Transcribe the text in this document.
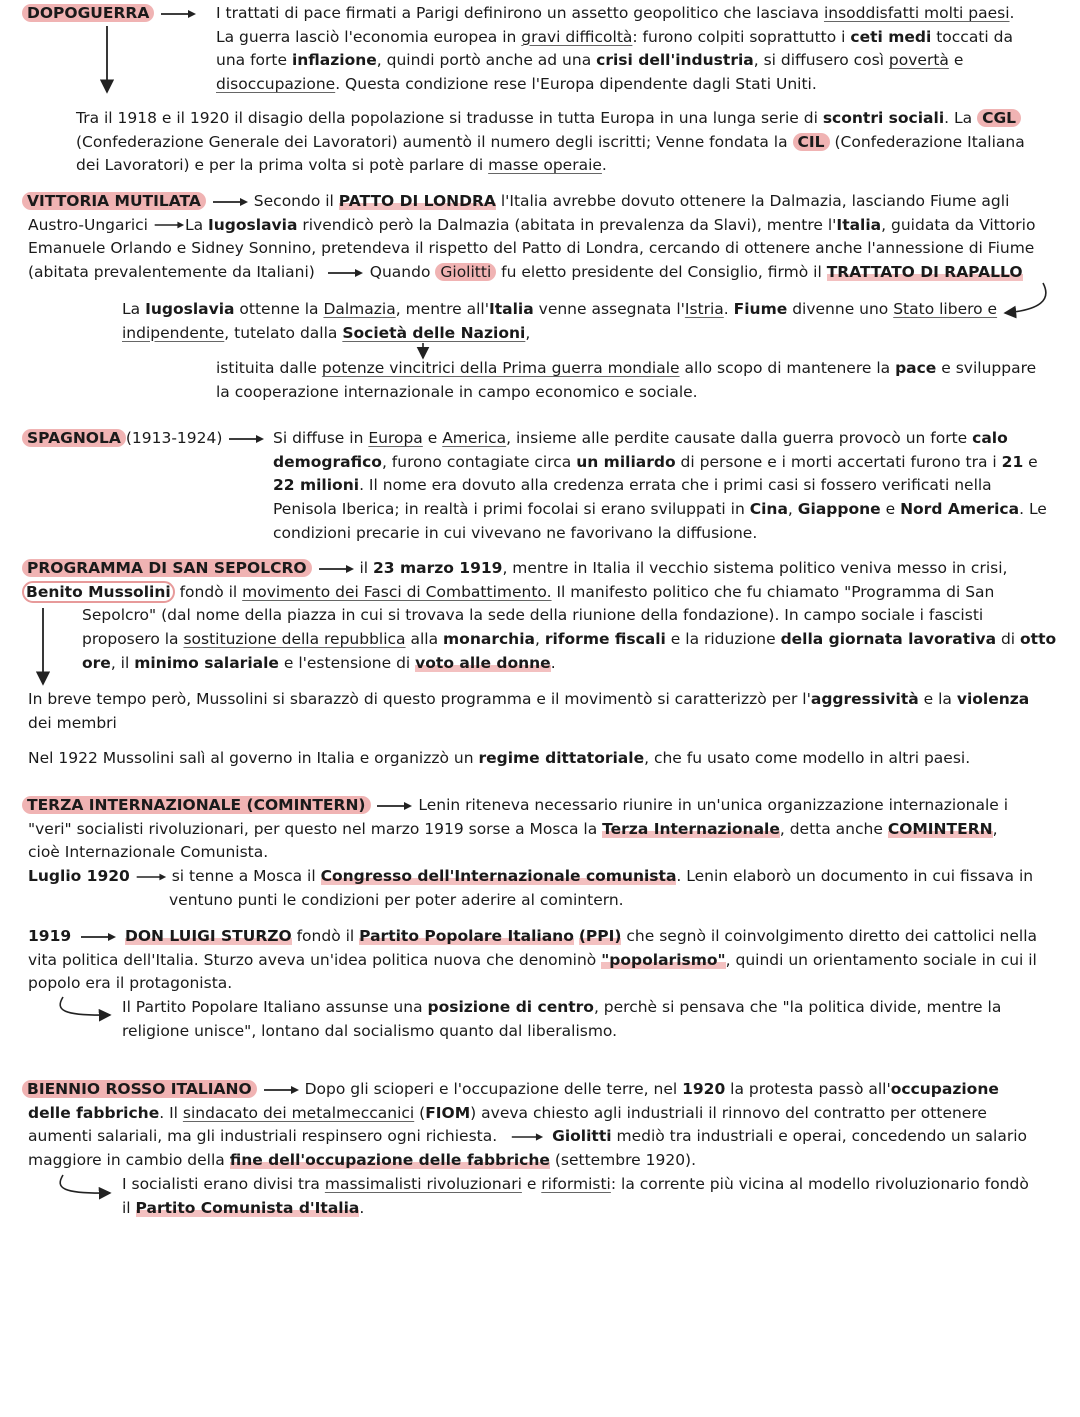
DOPOGUERRA	I trattati di pace firmati a Parigi definirono un assetto geopolitico che lasciava insoddisfatti molti paesi.
La guerra lasciò l'economia europea in gravi difficoltà: furono colpiti soprattutto i ceti medi toccati da
una forte inflazione, quindi portò anche ad una crisi dell'industria, si diffusero così povertà e
disoccupazione. Questa condizione rese l'Europa dipendente dagli Stati Uniti.
Tra il 1918 e il 1920 il disagio della popolazione si tradusse in tutta Europa in una lunga serie di scontri sociali. La CGL
(Confederazione Generale dei Lavoratori) aumentò il numero degli iscritti; Venne fondata la CIL (Confederazione Italiana
dei Lavoratori) e per la prima volta si potè parlare di masse operaie.
VITTORIA MUTILATA	Secondo il PATTO DI LONDRA l'Italia avrebbe dovuto ottenere la Dalmazia, lasciando Fiume agli
Austro-Ungarici La Iugoslavia rivendicò però la Dalmazia (abitata in prevalenza da Slavi), mentre l'Italia, guidata da Vittorio
Emanuele Orlando e Sidney Sonnino, pretendeva il rispetto del Patto di Londra, cercando di ottenere anche l'annessione di Fiume
(abitata prevalentemente da Italiani)	Quando Giolitti fu eletto presidente del Consiglio, firmò il TRATTATO DI RAPALLO
La Iugoslavia ottenne la Dalmazia, mentre all'Italia venne assegnata l'Istria. Fiume divenne uno Stato libero e
indipendente, tutelato dalla Società delle Nazioni,
istituita dalle potenze vincitrici della Prima guerra mondiale allo scopo di mantenere la pace e sviluppare
la cooperazione internazionale in campo economico e sociale.
SPAGNOLA (1913-1924)	Si diffuse in Europa e America, insieme alle perdite causate dalla guerra provocò un forte calo
demografico, furono contagiate circa un miliardo di persone e i morti accertati furono tra i 21 e
22 milioni. Il nome era dovuto alla credenza errata che i primi casi si fossero verificati nella
Penisola Iberica; in realtà i primi focolai si erano sviluppati in Cina, Giappone e Nord America. Le
condizioni precarie in cui vivevano ne favorivano la diffusione.
PROGRAMMA DI SAN SEPOLCRO	il 23 marzo 1919, mentre in Italia il vecchio sistema politico veniva messo in crisi,
Benito Mussolini fondò il movimento dei Fasci di Combattimento. Il manifesto politico che fu chiamato "Programma di San
Sepolcro" (dal nome della piazza in cui si trovava la sede della riunione della fondazione). In campo sociale i fascisti
proposero la sostituzione della repubblica alla monarchia, riforme fiscali e la riduzione della giornata lavorativa di otto
ore, il minimo salariale e l'estensione di voto alle donne.
In breve tempo però, Mussolini si sbarazzò di questo programma e il movimentò si caratterizzò per l'aggressività e la violenza
dei membri
Nel 1922 Mussolini salì al governo in Italia e organizzò un regime dittatoriale, che fu usato come modello in altri paesi.
TERZA INTERNAZIONALE (COMINTERN)	Lenin riteneva necessario riunire in un'unica organizzazione internazionale i
"veri" socialisti rivoluzionari, per questo nel marzo 1919 sorse a Mosca la Terza Internazionale, detta anche COMINTERN,
cioè Internazionale Comunista.
Luglio 1920	si tenne a Mosca il Congresso dell'Internazionale comunista. Lenin elaborò un documento in cui fissava in
ventuno punti le condizioni per poter aderire al comintern.
1919	DON LUIGI STURZO fondò il Partito Popolare Italiano (PPI) che segnò il coinvolgimento diretto dei cattolici nella
vita politica dell'Italia. Sturzo aveva un'idea politica nuova che denominò "popolarismo", quindi un orientamento sociale in cui il
popolo era il protagonista.
Il Partito Popolare Italiano assunse una posizione di centro, perchè si pensava che "la politica divide, mentre la
religione unisce", lontano dal socialismo quanto dal liberalismo.
BIENNIO ROSSO ITALIANO	Dopo gli scioperi e l'occupazione delle terre, nel 1920 la protesta passò all'occupazione
delle fabbriche. Il sindacato dei metalmeccanici (FIOM) aveva chiesto agli industriali il rinnovo del contratto per ottenere
aumenti salariali, ma gli industriali respinsero ogni richiesta.	Giolitti mediò tra industriali e operai, concedendo un salario
maggiore in cambio della fine dell'occupazione delle fabbriche (settembre 1920).
I socialisti erano divisi tra massimalisti rivoluzionari e riformisti: la corrente più vicina al modello rivoluzionario fondò
il Partito Comunista d'Italia.
